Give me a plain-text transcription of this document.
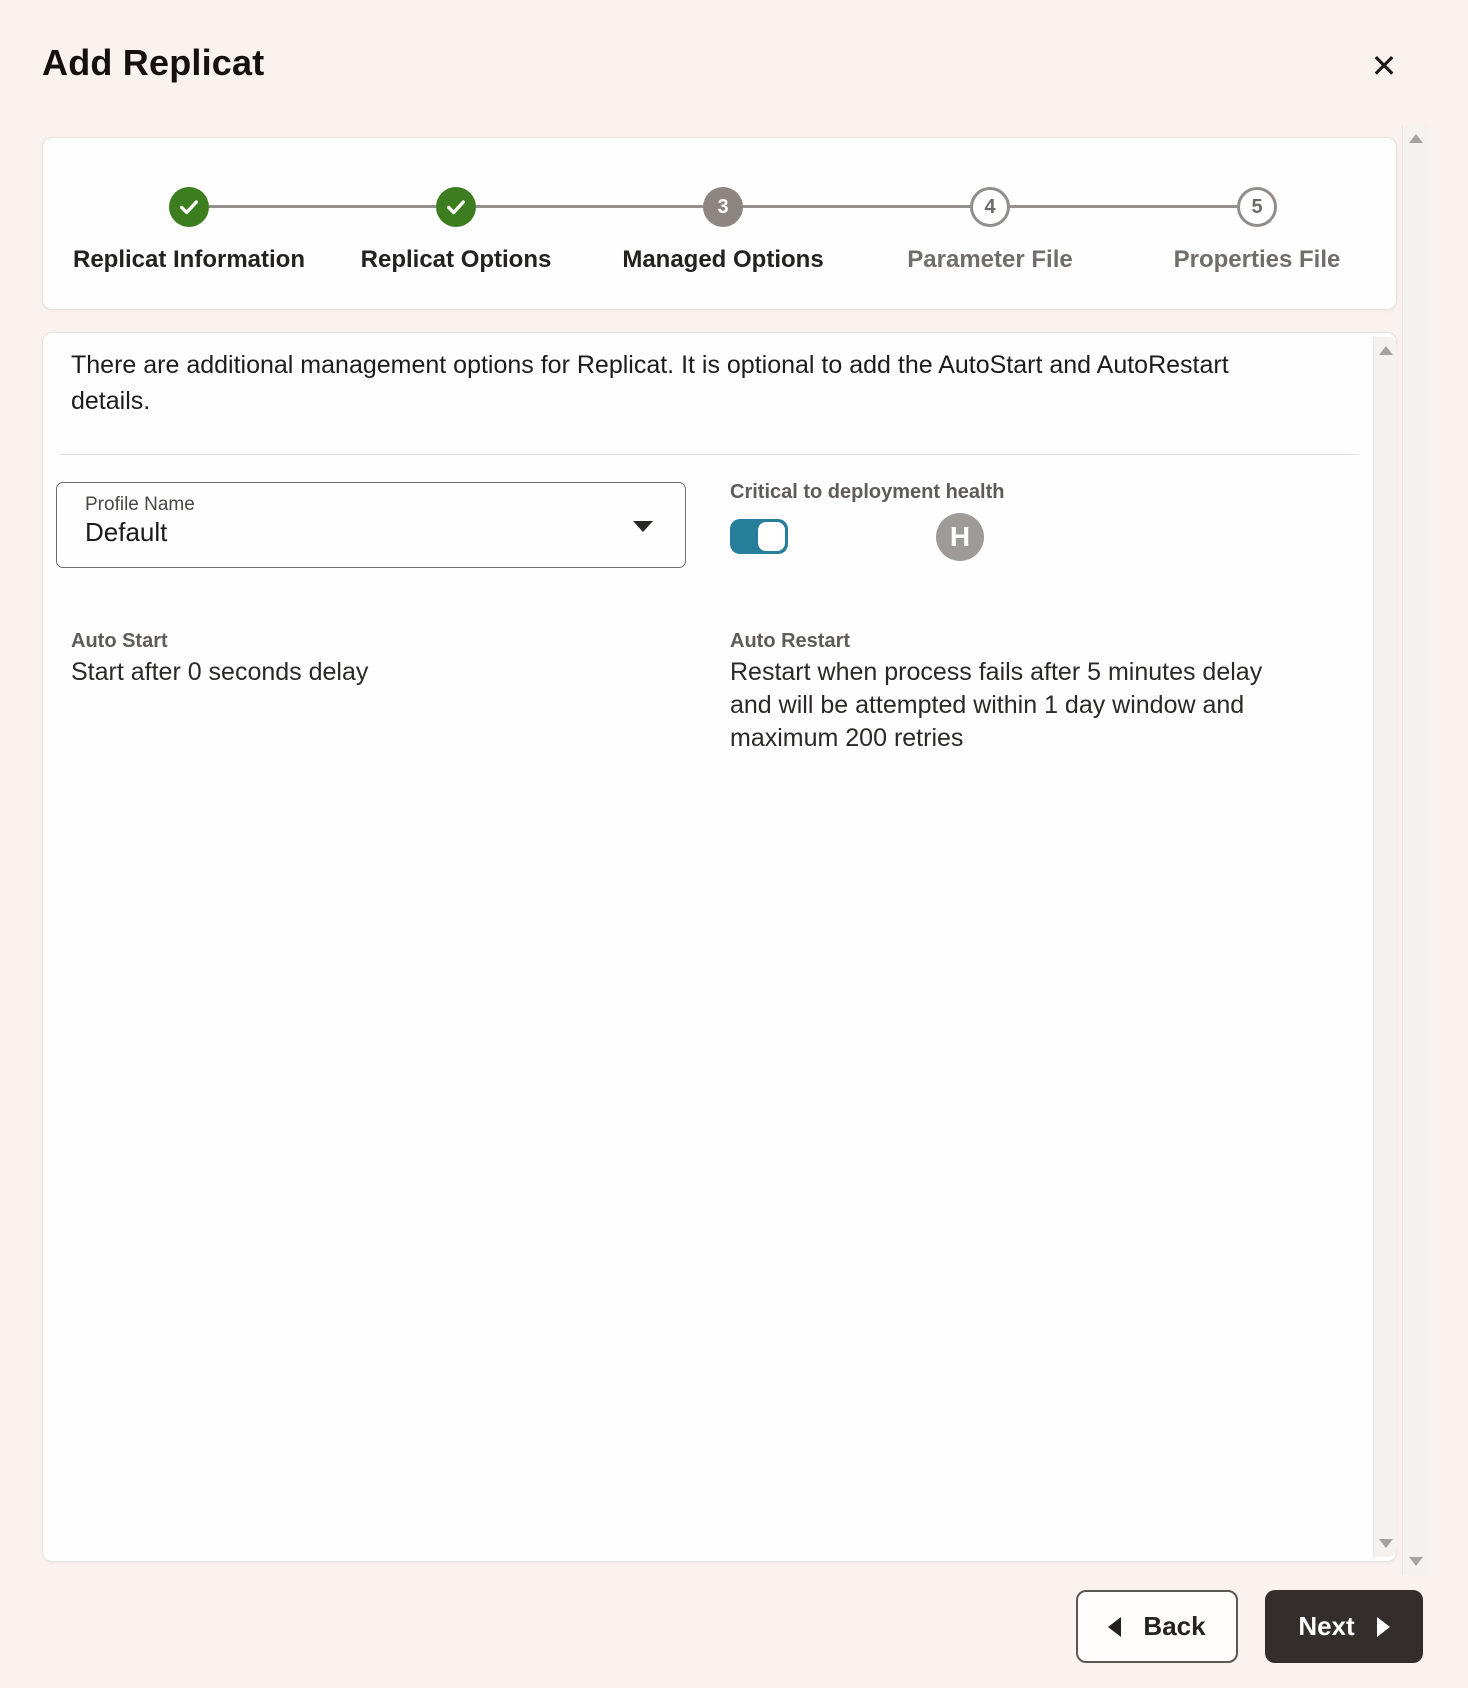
Add Replicat	✕
Replicat Information	Replicat Options
3
Managed Options
4
Parameter File
5
Properties File
There are additional management options for Replicat. It is optional to add the AutoStart and AutoRestart details.
Profile Name
Default
Critical to deployment health
H
Auto Start
Start after 0 seconds delay
Auto Restart
Restart when process fails after 5 minutes delay and will be attempted within 1 day window and maximum 200 retries
Back	Next
